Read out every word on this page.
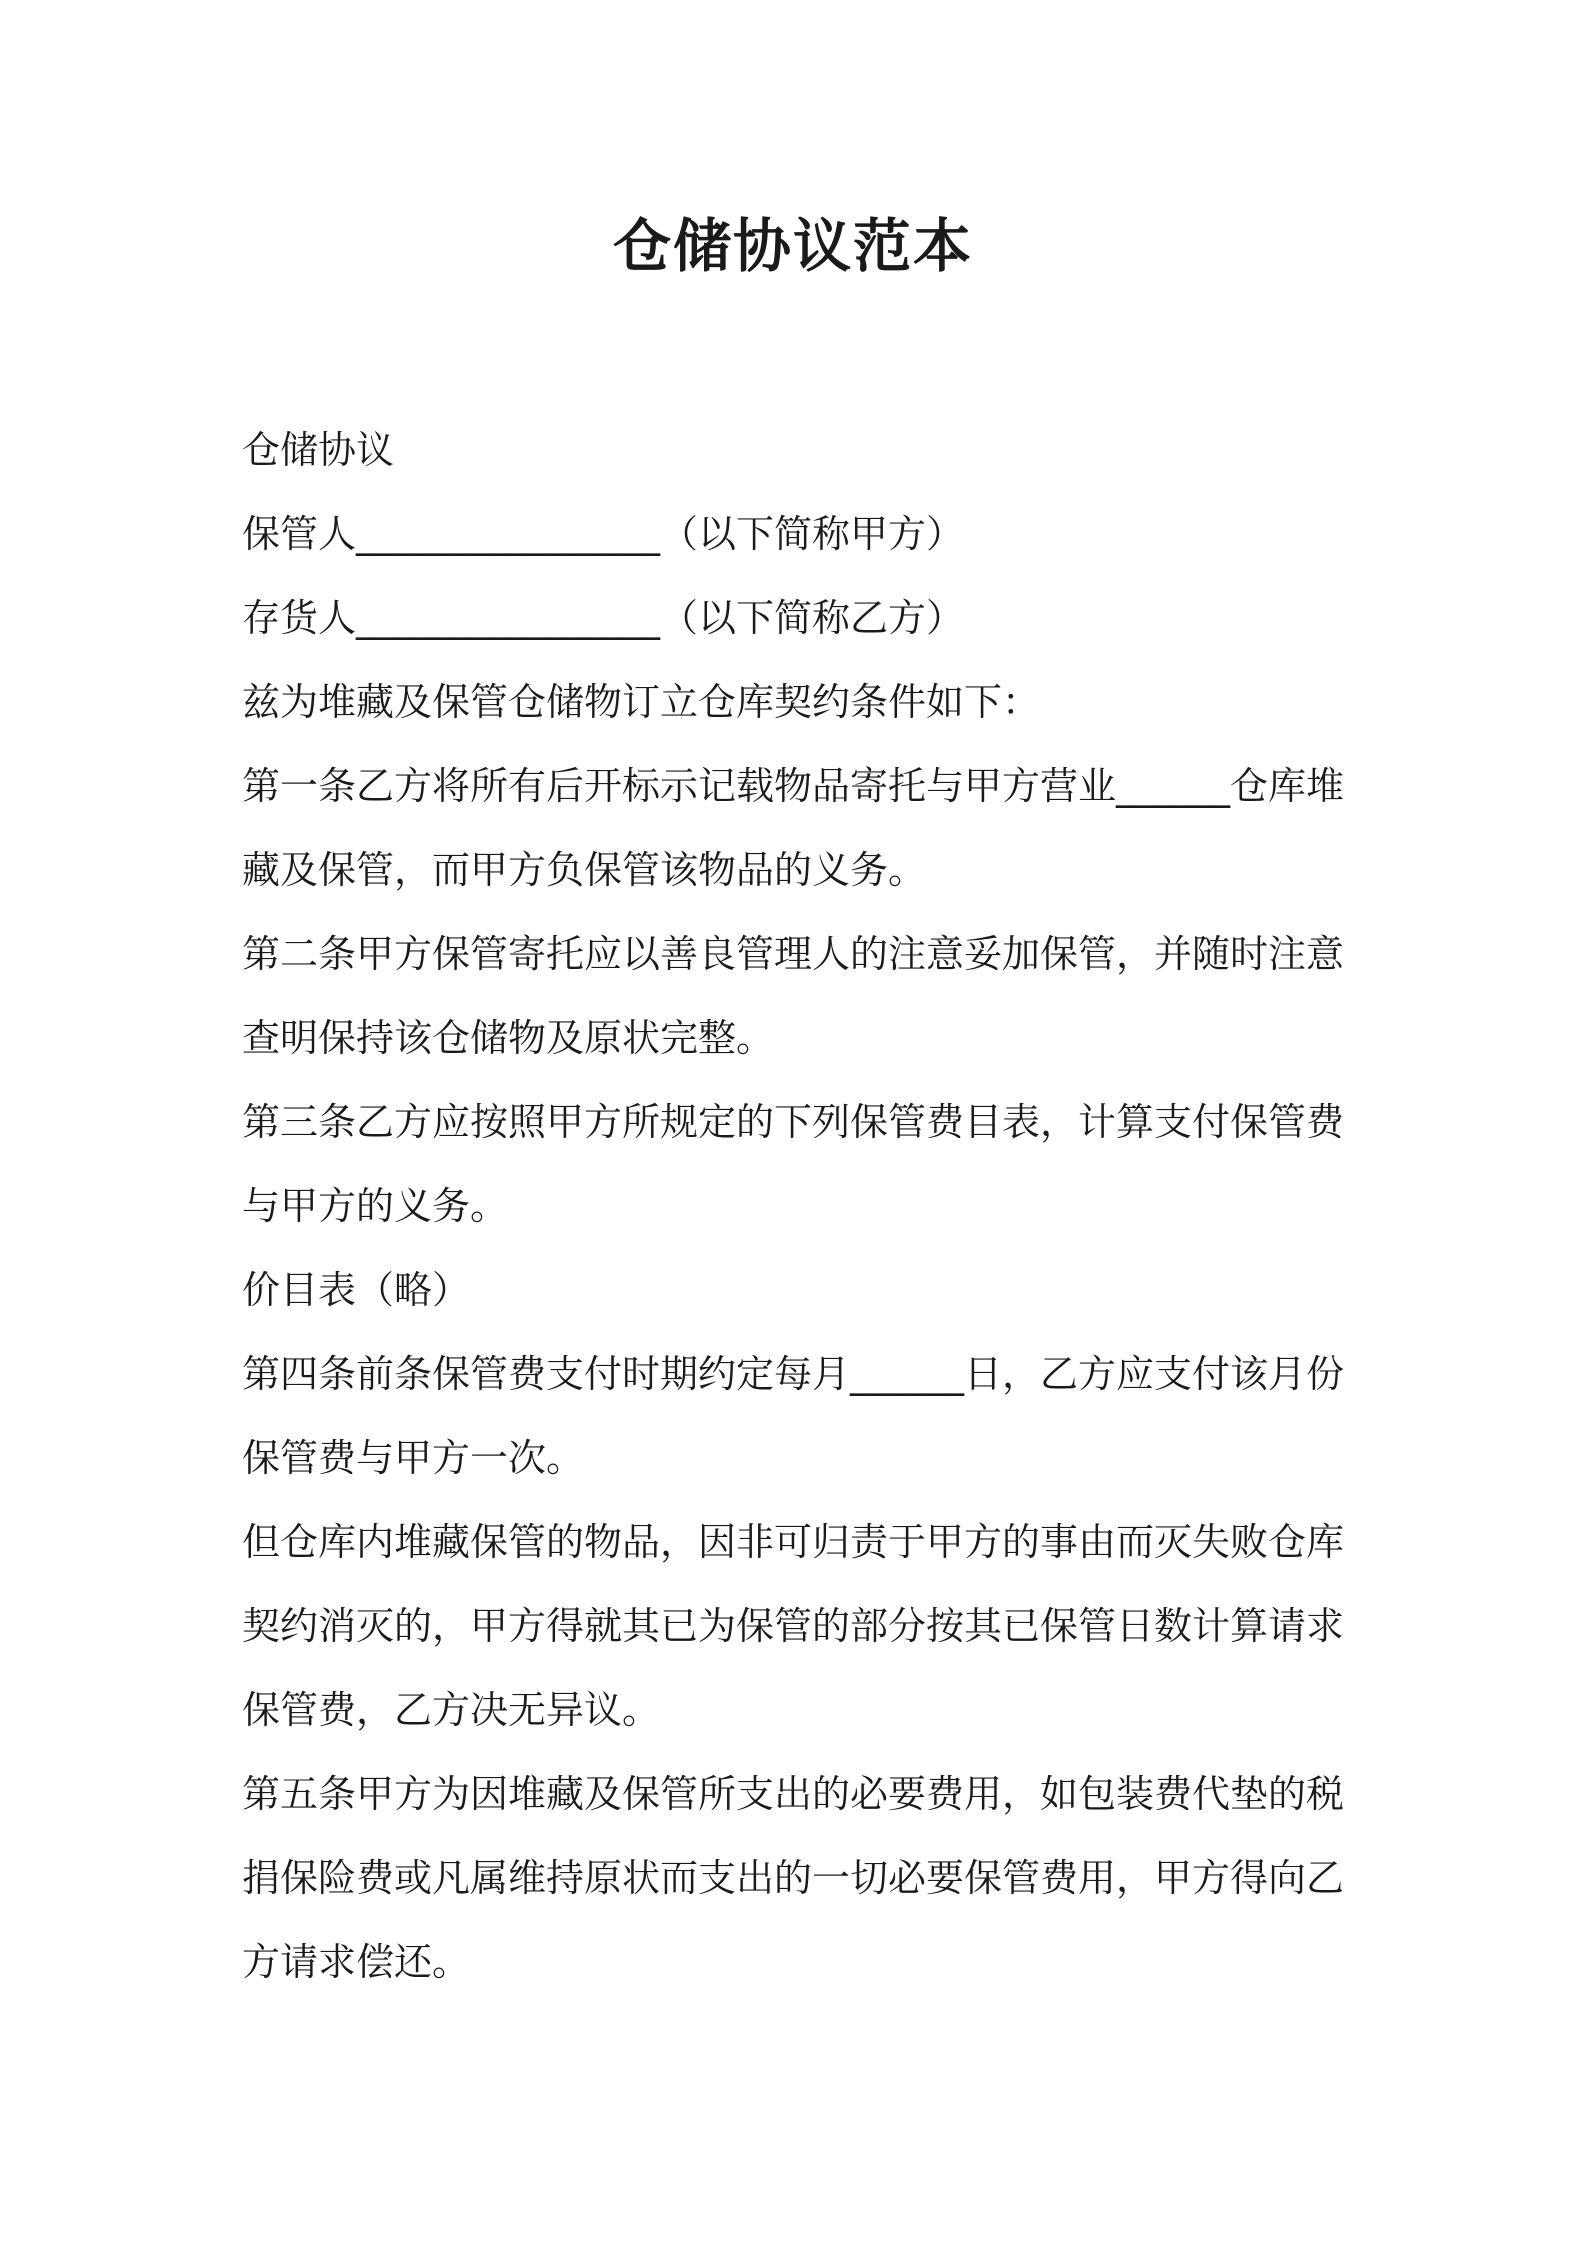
仓储协议范本

仓储协议

保管人________________（以下简称甲方）

存货人________________（以下简称乙方）

兹为堆藏及保管仓储物订立仓库契约条件如下：

第一条乙方将所有后开标示记载物品寄托与甲方营业______仓库堆藏及保管，而甲方负保管该物品的义务。

第二条甲方保管寄托应以善良管理人的注意妥加保管，并随时注意查明保持该仓储物及原状完整。

第三条乙方应按照甲方所规定的下列保管费目表，计算支付保管费与甲方的义务。

价目表（略）

第四条前条保管费支付时期约定每月______日，乙方应支付该月份保管费与甲方一次。

但仓库内堆藏保管的物品，因非可归责于甲方的事由而灭失败仓库契约消灭的，甲方得就其已为保管的部分按其已保管日数计算请求保管费，乙方决无异议。

第五条甲方为因堆藏及保管所支出的必要费用，如包装费代垫的税捐保险费或凡属维持原状而支出的一切必要保管费用，甲方得向乙方请求偿还。
